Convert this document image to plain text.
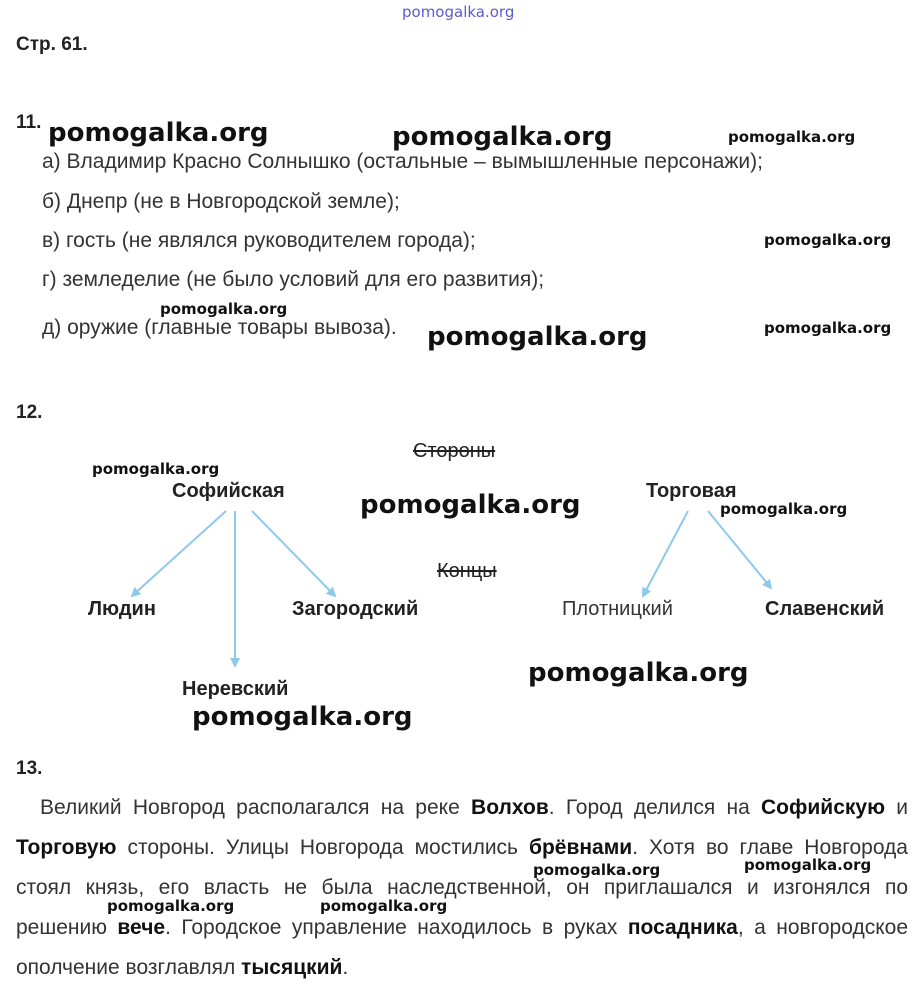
pomogalka.org
Стр. 61.
11.
а) Владимир Красно Солнышко (остальные – вымышленные персонажи);
б) Днепр (не в Новгородской земле);
в) гость (не являлся руководителем города);
г) земледелие (не было условий для его развития);
д) оружие (главные товары вывоза).
12.
Стороны
Концы
Софийская	Торговая
Людин	Загородский
Неревский
Плотницкий	Славенский
13.

Великий Новгород располагался на реке Волхов. Город делился на Софийскую и Торговую стороны. Улицы Новгорода мостились брёвнами. Хотя во главе Новгорода стоял князь, его власть не была наследственной, он приглашался и изгонялся по решению вече. Городское управление находилось в руках посадника, а новгородское ополчение возглавлял тысяцкий.

pomogalka.org	pomogalka.org	pomogalka.org
pomogalka.org
pomogalka.org
pomogalka.org
pomogalka.org
pomogalka.org
pomogalka.org	pomogalka.org
pomogalka.org
pomogalka.org
pomogalka.org	pomogalka.org
pomogalka.org	pomogalka.org
